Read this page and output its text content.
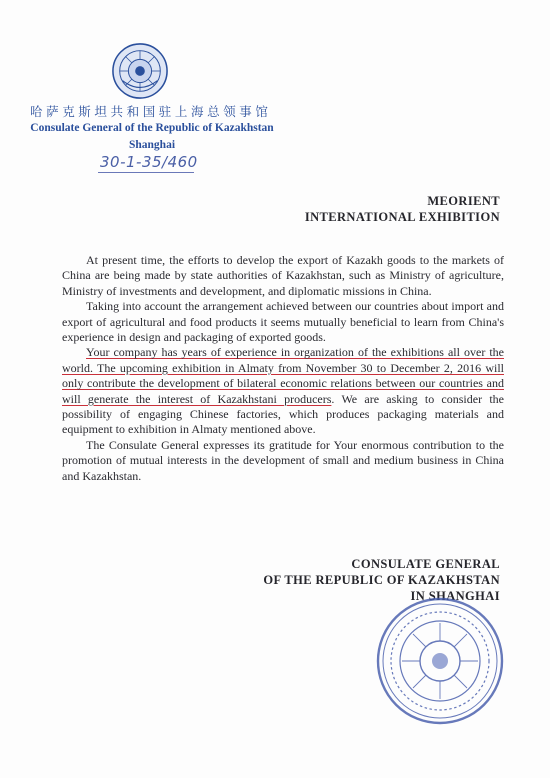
哈萨克斯坦共和国驻上海总领事馆
Consulate General of the Republic of Kazakhstan
Shanghai
30-1-35/460
MEORIENT
INTERNATIONAL EXHIBITION

At present time, the efforts to develop the export of Kazakh goods to the markets of China are being made by state authorities of Kazakhstan, such as Ministry of agriculture, Ministry of investments and development, and diplomatic missions in China.

Taking into account the arrangement achieved between our countries about import and export of agricultural and food products it seems mutually beneficial to learn from China's experience in design and packaging of exported goods.

Your company has years of experience in organization of the exhibitions all over the world. The upcoming exhibition in Almaty from November 30 to December 2, 2016 will only contribute the development of bilateral economic relations between our countries and will generate the interest of Kazakhstani producers. We are asking to consider the possibility of engaging Chinese factories, which produces packaging materials and equipment to exhibition in Almaty mentioned above.

The Consulate General expresses its gratitude for Your enormous contribution to the promotion of mutual interests in the development of small and medium business in China and Kazakhstan.

CONSULATE GENERAL
OF THE REPUBLIC OF KAZAKHSTAN
IN SHANGHAI
